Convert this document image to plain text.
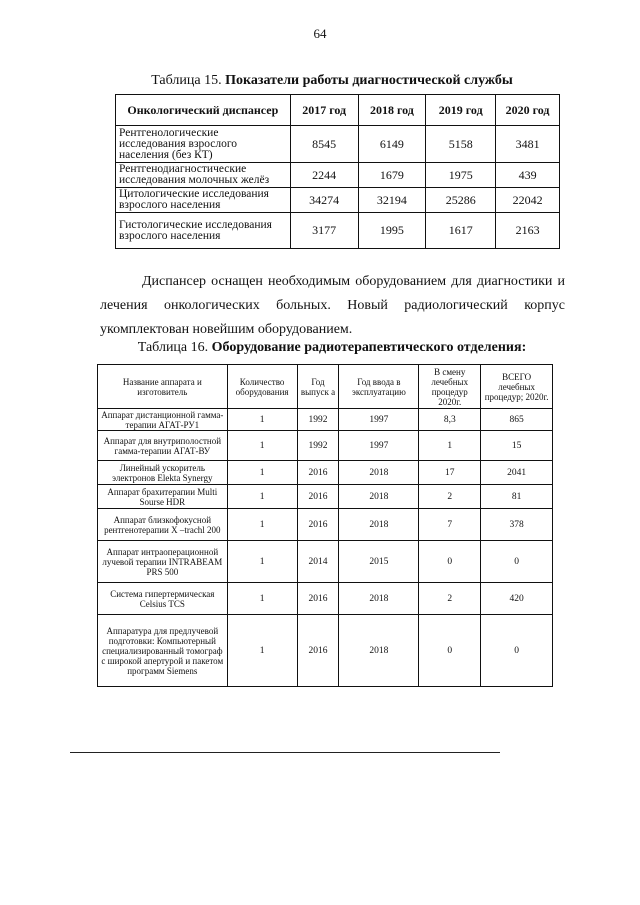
64
Таблица 15. Показатели работы диагностической службы
Онкологический диспансер	2017 год	2018 год	2019 год	2020 год
Рентгенологические исследования взрослого населения (без КТ)	8545	6149	5158	3481
Рентгенодиагностические исследования молочных желёз	2244	1679	1975	439
Цитологические исследования взрослого населения	34274	32194	25286	22042
Гистологические исследования взрослого населения	3177	1995	1617	2163
Диспансер оснащен необходимым оборудованием для диагностики и лечения онкологических больных. Новый радиологический корпус укомплектован новейшим оборудованием.
Таблица 16. Оборудование радиотерапевтического отделения:
Название аппарата и изготовитель	Количество оборудования	Год выпуск а	Год ввода в эксплуатацию	В смену лечебных процедур 2020г.	ВСЕГО лечебных процедур; 2020г.
Аппарат дистанционной гамма-терапии АГАТ-РУ1	1	1992	1997	8,3	865
Аппарат для внутриполостной гамма-терапии АГАТ-ВУ	1	1992	1997	1	15
Линейный ускоритель электронов Elekta Synergy	1	2016	2018	17	2041
Аппарат брахитерапии Multi Sourse HDR	1	2016	2018	2	81
Аппарат близкофокусной рентгенотерапии X –trachl 200	1	2016	2018	7	378
Аппарат интраоперационной лучевой терапии INTRABEAM PRS 500	1	2014	2015	0	0
Система гипертермическая Celsius TCS	1	2016	2018	2	420
Аппаратура для предлучевой подготовки: Компьютерный специализированный томограф с широкой апертурой и пакетом программ Siemens	1	2016	2018	0	0
